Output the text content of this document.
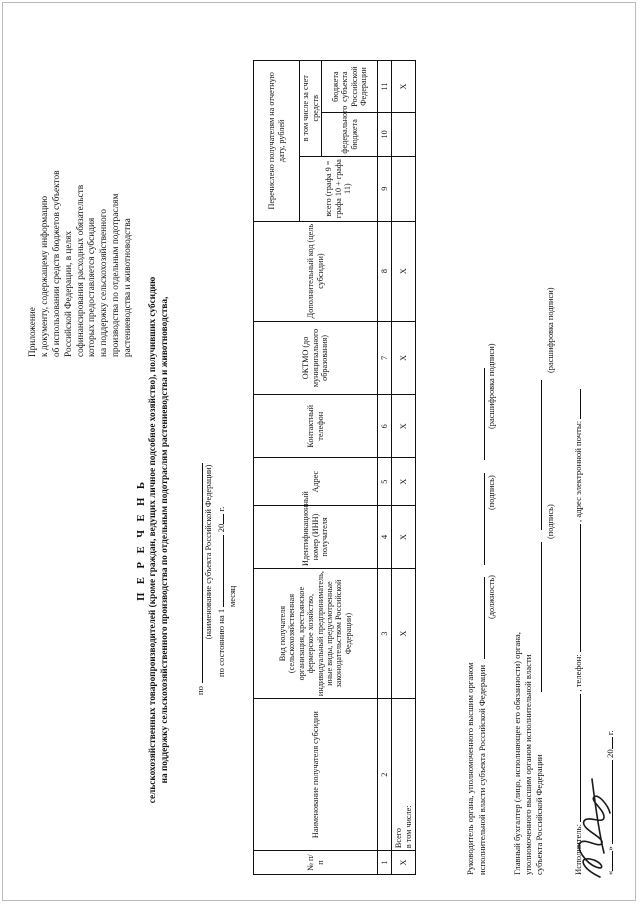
Приложение к документу, содержащему информацию об использовании средств бюджетов субъектов Российской Федерации, в целях софинансирования расходных обязательств которых предоставляется субсидия на поддержку сельскохозяйственного производства по отдельным подотраслям растениеводства и животноводства
П Е Р Е Ч Е Н Ь сельскохозяйственных товаропроизводителей (кроме граждан, ведущих личное подсобное хозяйство), получивших субсидию на поддержку сельскохозяйственного производства по отдельным подотраслям растениеводства и животноводства,	по
(наименование субъекта Российской Федерации)
по состоянию на 1  20 г.
месяц
№ п/п	Наименование получателя субсидии	Вид получателя (сельскохозяйственная организация, крестьянское фермерское хозяйство, индивидуальный предприниматель, иные виды, предусмотренные законодательством Российской Федерации)	Идентификационный номер (ИНН) получателя	Адрес	Контактный телефон	ОКТМО (до муниципального образования)	Дополнительный код (цель субсидии)	Перечислено получателям на отчетную дату, рублей		
								всего (графа 9 = графа 10 + графа 11)	в том числе за счет средств	
									федерального бюджета	бюджета субъекта Российской Федерации
1	2	3	4	5	6	7	8	9	10	11
X	Всего в том числе:	X	X	X	X	X	X			X
Руководитель органа, уполномоченного высшим органом исполнительной власти субъекта Российской Федерации
(должность)
(подпись)
(расшифровка подписи)
Главный бухгалтер (лицо, исполняющее его обязанности) органа, уполномоченного высшим органом исполнительной власти субъекта Российской Федерации
(подпись)
(расшифровка подписи)
Исполнитель:  , телефон:  , адрес электронной почты:
«»  20 г.
